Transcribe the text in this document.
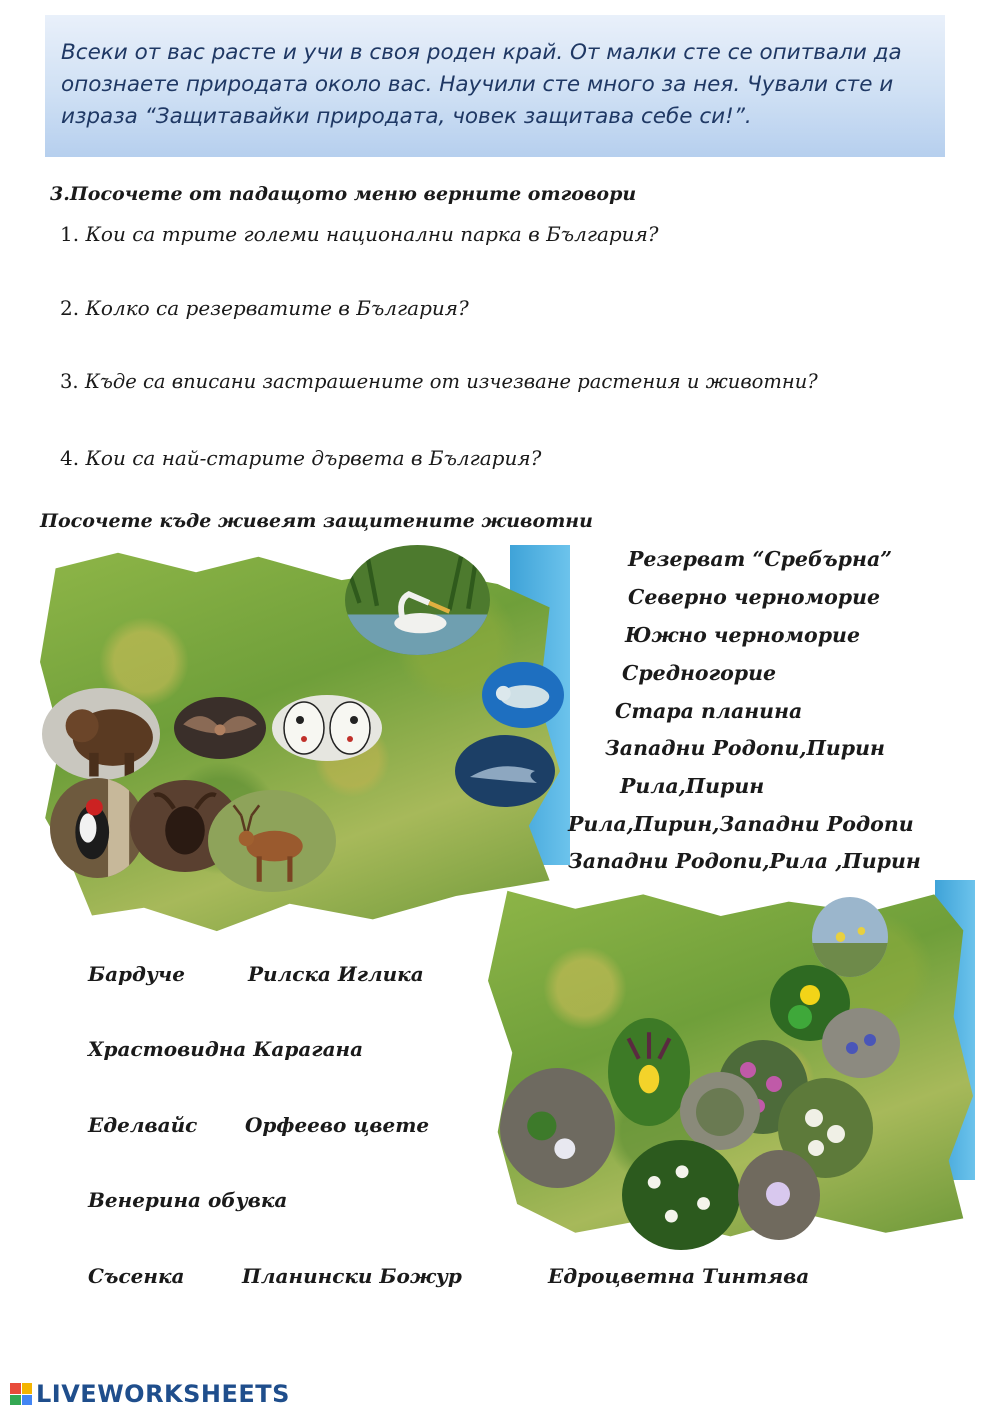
Всеки от вас расте и учи в своя роден край. От малки сте се опитвали да опознаете природата около вас. Научили сте много за нея. Чували сте и израза “Защитавайки природата, човек защитава себе си!”.

3.Посочете от падащото меню верните отговори
1. Кои са трите големи национални парка в България?
2. Колко са резерватите в България?
3. Къде са вписани застрашените от изчезване растения и животни?
4. Кои са най-старите дървета в България?
Посочете къде живеят защитените животни
Резерват “Сребърна”
Северно черноморие
Южно черноморие
Средногорие
Стара планина
Западни Родопи,Пирин
Рила,Пирин
Рила,Пирин,Западни Родопи
Западни Родопи,Рила ,Пирин
Бардуче	Рилска Иглика
Храстовидна Карагана
Еделвайс Орфеево цвете
Венерина обувка
Съсенка	Планински Божур	Едроцветна Тинтява
LIVEWORKSHEETS
